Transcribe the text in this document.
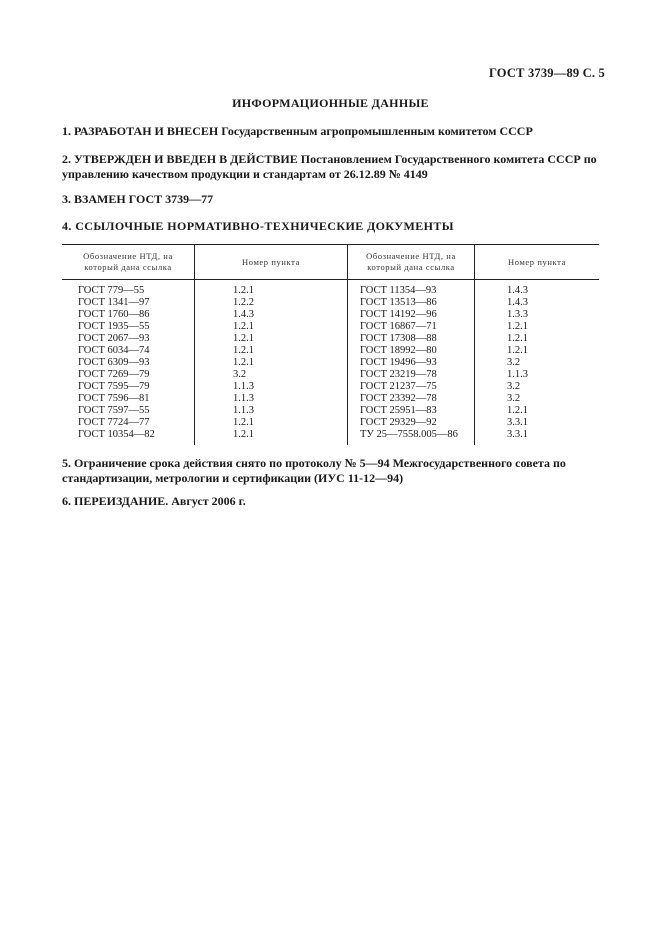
ГОСТ 3739—89 С. 5
ИНФОРМАЦИОННЫЕ ДАННЫЕ
1. РАЗРАБОТАН И ВНЕСЕН Государственным агропромышленным комитетом СССР
2. УТВЕРЖДЕН И ВВЕДЕН В ДЕЙСТВИЕ Постановлением Государственного комитета СССР по управлению качеством продукции и стандартам от 26.12.89 № 4149
3. ВЗАМЕН ГОСТ 3739—77
4. ССЫЛОЧНЫЕ НОРМАТИВНО-ТЕХНИЧЕСКИЕ ДОКУМЕНТЫ
Обозначение НТД, на который дана ссылка	Номер пункта	Обозначение НТД, на который дана ссылка	Номер пункта
ГОСТ 779—55	1.2.1	ГОСТ 11354—93	1.4.3
ГОСТ 1341—97	1.2.2	ГОСТ 13513—86	1.4.3
ГОСТ 1760—86	1.4.3	ГОСТ 14192—96	1.3.3
ГОСТ 1935—55	1.2.1	ГОСТ 16867—71	1.2.1
ГОСТ 2067—93	1.2.1	ГОСТ 17308—88	1.2.1
ГОСТ 6034—74	1.2.1	ГОСТ 18992—80	1.2.1
ГОСТ 6309—93	1.2.1	ГОСТ 19496—93	3.2
ГОСТ 7269—79	3.2	ГОСТ 23219—78	1.1.3
ГОСТ 7595—79	1.1.3	ГОСТ 21237—75	3.2
ГОСТ 7596—81	1.1.3	ГОСТ 23392—78	3.2
ГОСТ 7597—55	1.1.3	ГОСТ 25951—83	1.2.1
ГОСТ 7724—77	1.2.1	ГОСТ 29329—92	3.3.1
ГОСТ 10354—82	1.2.1	ТУ 25—7558.005—86	3.3.1
5. Ограничение срока действия снято по протоколу № 5—94 Межгосударственного совета по стандартизации, метрологии и сертификации (ИУС 11-12—94)
6. ПЕРЕИЗДАНИЕ. Август 2006 г.
